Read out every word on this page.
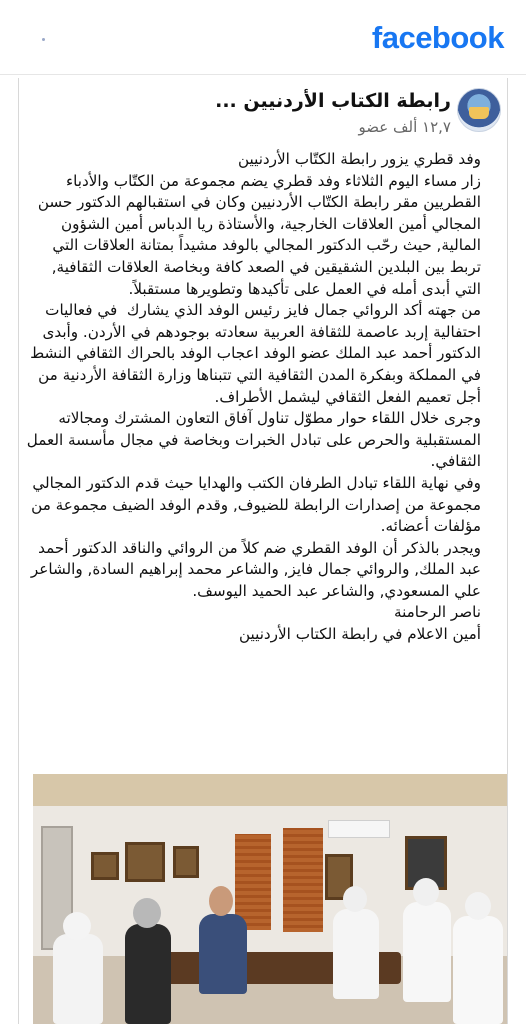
facebook
رابطة الكتاب الأردنيين ...
١٢,٧ ألف عضو

وفد قطري يزور رابطة الكتّاب الأردنيين
زار مساء اليوم الثلاثاء وفد قطري يضم مجموعة من الكتّاب والأدباء القطريين مقر رابطة الكتّاب الأردنيين وكان في استقبالهم الدكتور حسن المجالي أمين العلاقات الخارجية، والأستاذة ريا الدباس أمين الشؤون المالية, حيث رحّب الدكتور المجالي بالوفد مشيداً بمتانة العلاقات التي تربط بين البلدين الشقيقين في الصعد كافة وبخاصة العلاقات الثقافية, التي أبدى أمله في العمل على تأكيدها وتطويرها مستقبلاً.

من جهته أكد الروائي جمال فايز رئيس الوفد الذي يشارك  في فعاليات احتفالية إربد عاصمة للثقافة العربية سعادته بوجودهم في الأردن. وأبدى الدكتور أحمد عبد الملك عضو الوفد اعجاب الوفد بالحراك الثقافي النشط في المملكة وبفكرة المدن الثقافية التي تتبناها وزارة الثقافة الأردنية من أجل تعميم الفعل الثقافي ليشمل الأطراف.

وجرى خلال اللقاء حوار مطوّل تناول آفاق التعاون المشترك ومجالاته المستقبلية والحرص على تبادل الخبرات وبخاصة في مجال مأسسة العمل الثقافي.

وفي نهاية اللقاء تبادل الطرفان الكتب والهدايا حيث قدم الدكتور المجالي مجموعة من إصدارات الرابطة للضيوف, وقدم الوفد الضيف مجموعة من مؤلفات أعضائه.

ويجدر بالذكر أن الوفد القطري ضم كلاً من الروائي والناقد الدكتور أحمد عبد الملك, والروائي جمال فايز, والشاعر محمد إبراهيم السادة, والشاعر علي المسعودي, والشاعر عبد الحميد اليوسف.

ناصر الرحامنة

أمين الاعلام في رابطة الكتاب الأردنيين
